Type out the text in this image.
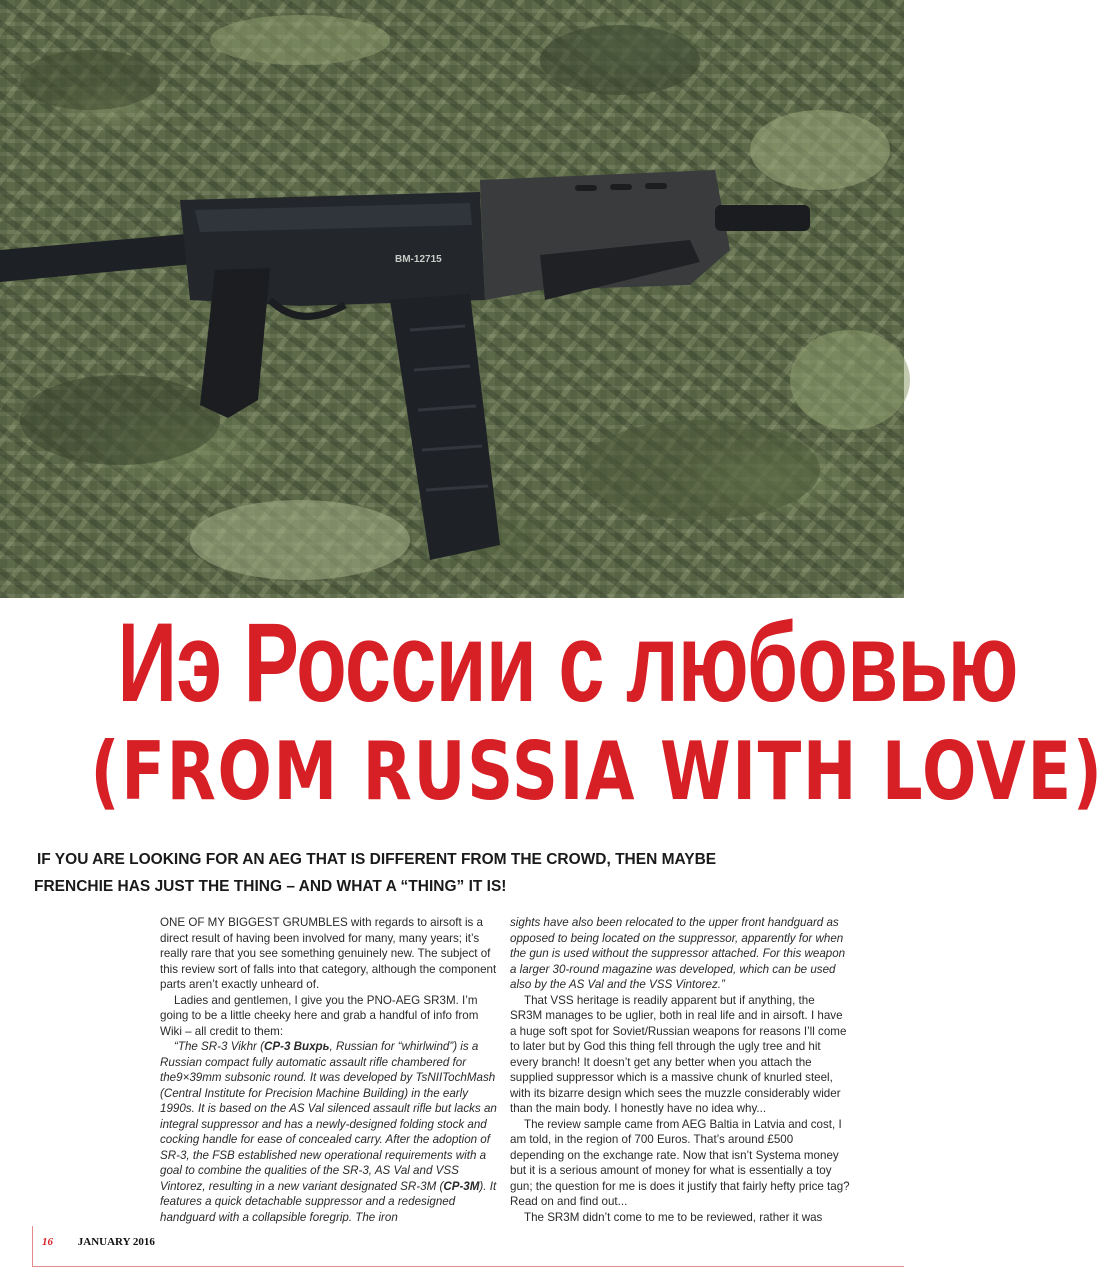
BM-12715
Иэ России с любовью
(FROM RUSSIA WITH LOVE)

IF YOU ARE LOOKING FOR AN AEG THAT IS DIFFERENT FROM THE CROWD, THEN MAYBE

FRENCHIE HAS JUST THE THING – AND WHAT A “THING” IT IS!

ONE OF MY BIGGEST GRUMBLES with regards to airsoft is a direct result of having been involved for many, many years; it’s really rare that you see something genuinely new. The subject of this review sort of falls into that category, although the component parts aren’t exactly unheard of.

Ladies and gentlemen, I give you the PNO-AEG SR3M. I’m going to be a little cheeky here and grab a handful of info from Wiki – all credit to them:

“The SR-3 Vikhr (СР-3 Вихрь, Russian for “whirlwind”) is a Russian compact fully automatic assault rifle chambered for the9×39mm subsonic round. It was developed by TsNIITochMash (Central Institute for Precision Machine Building) in the early 1990s. It is based on the AS Val silenced assault rifle but lacks an integral suppressor and has a newly-designed folding stock and cocking handle for ease of concealed carry. After the adoption of SR-3, the FSB established new operational requirements with a goal to combine the qualities of the SR-3, AS Val and VSS Vintorez, resulting in a new variant designated SR-3M (СР-3М). It features a quick detachable suppressor and a redesigned handguard with a collapsible foregrip. The iron

sights have also been relocated to the upper front handguard as opposed to being located on the suppressor, apparently for when the gun is used without the suppressor attached. For this weapon a larger 30-round magazine was developed, which can be used also by the AS Val and the VSS Vintorez.”

That VSS heritage is readily apparent but if anything, the SR3M manages to be uglier, both in real life and in airsoft. I have a huge soft spot for Soviet/Russian weapons for reasons I’ll come to later but by God this thing fell through the ugly tree and hit every branch! It doesn’t get any better when you attach the supplied suppressor which is a massive chunk of knurled steel, with its bizarre design which sees the muzzle considerably wider than the main body. I honestly have no idea why...

The review sample came from AEG Baltia in Latvia and cost, I am told, in the region of 700 Euros. That’s around £500 depending on the exchange rate. Now that isn’t Systema money but it is a serious amount of money for what is essentially a toy gun; the question for me is does it justify that fairly hefty price tag? Read on and find out...

The SR3M didn’t come to me to be reviewed, rather it was

16 JANUARY 2016
